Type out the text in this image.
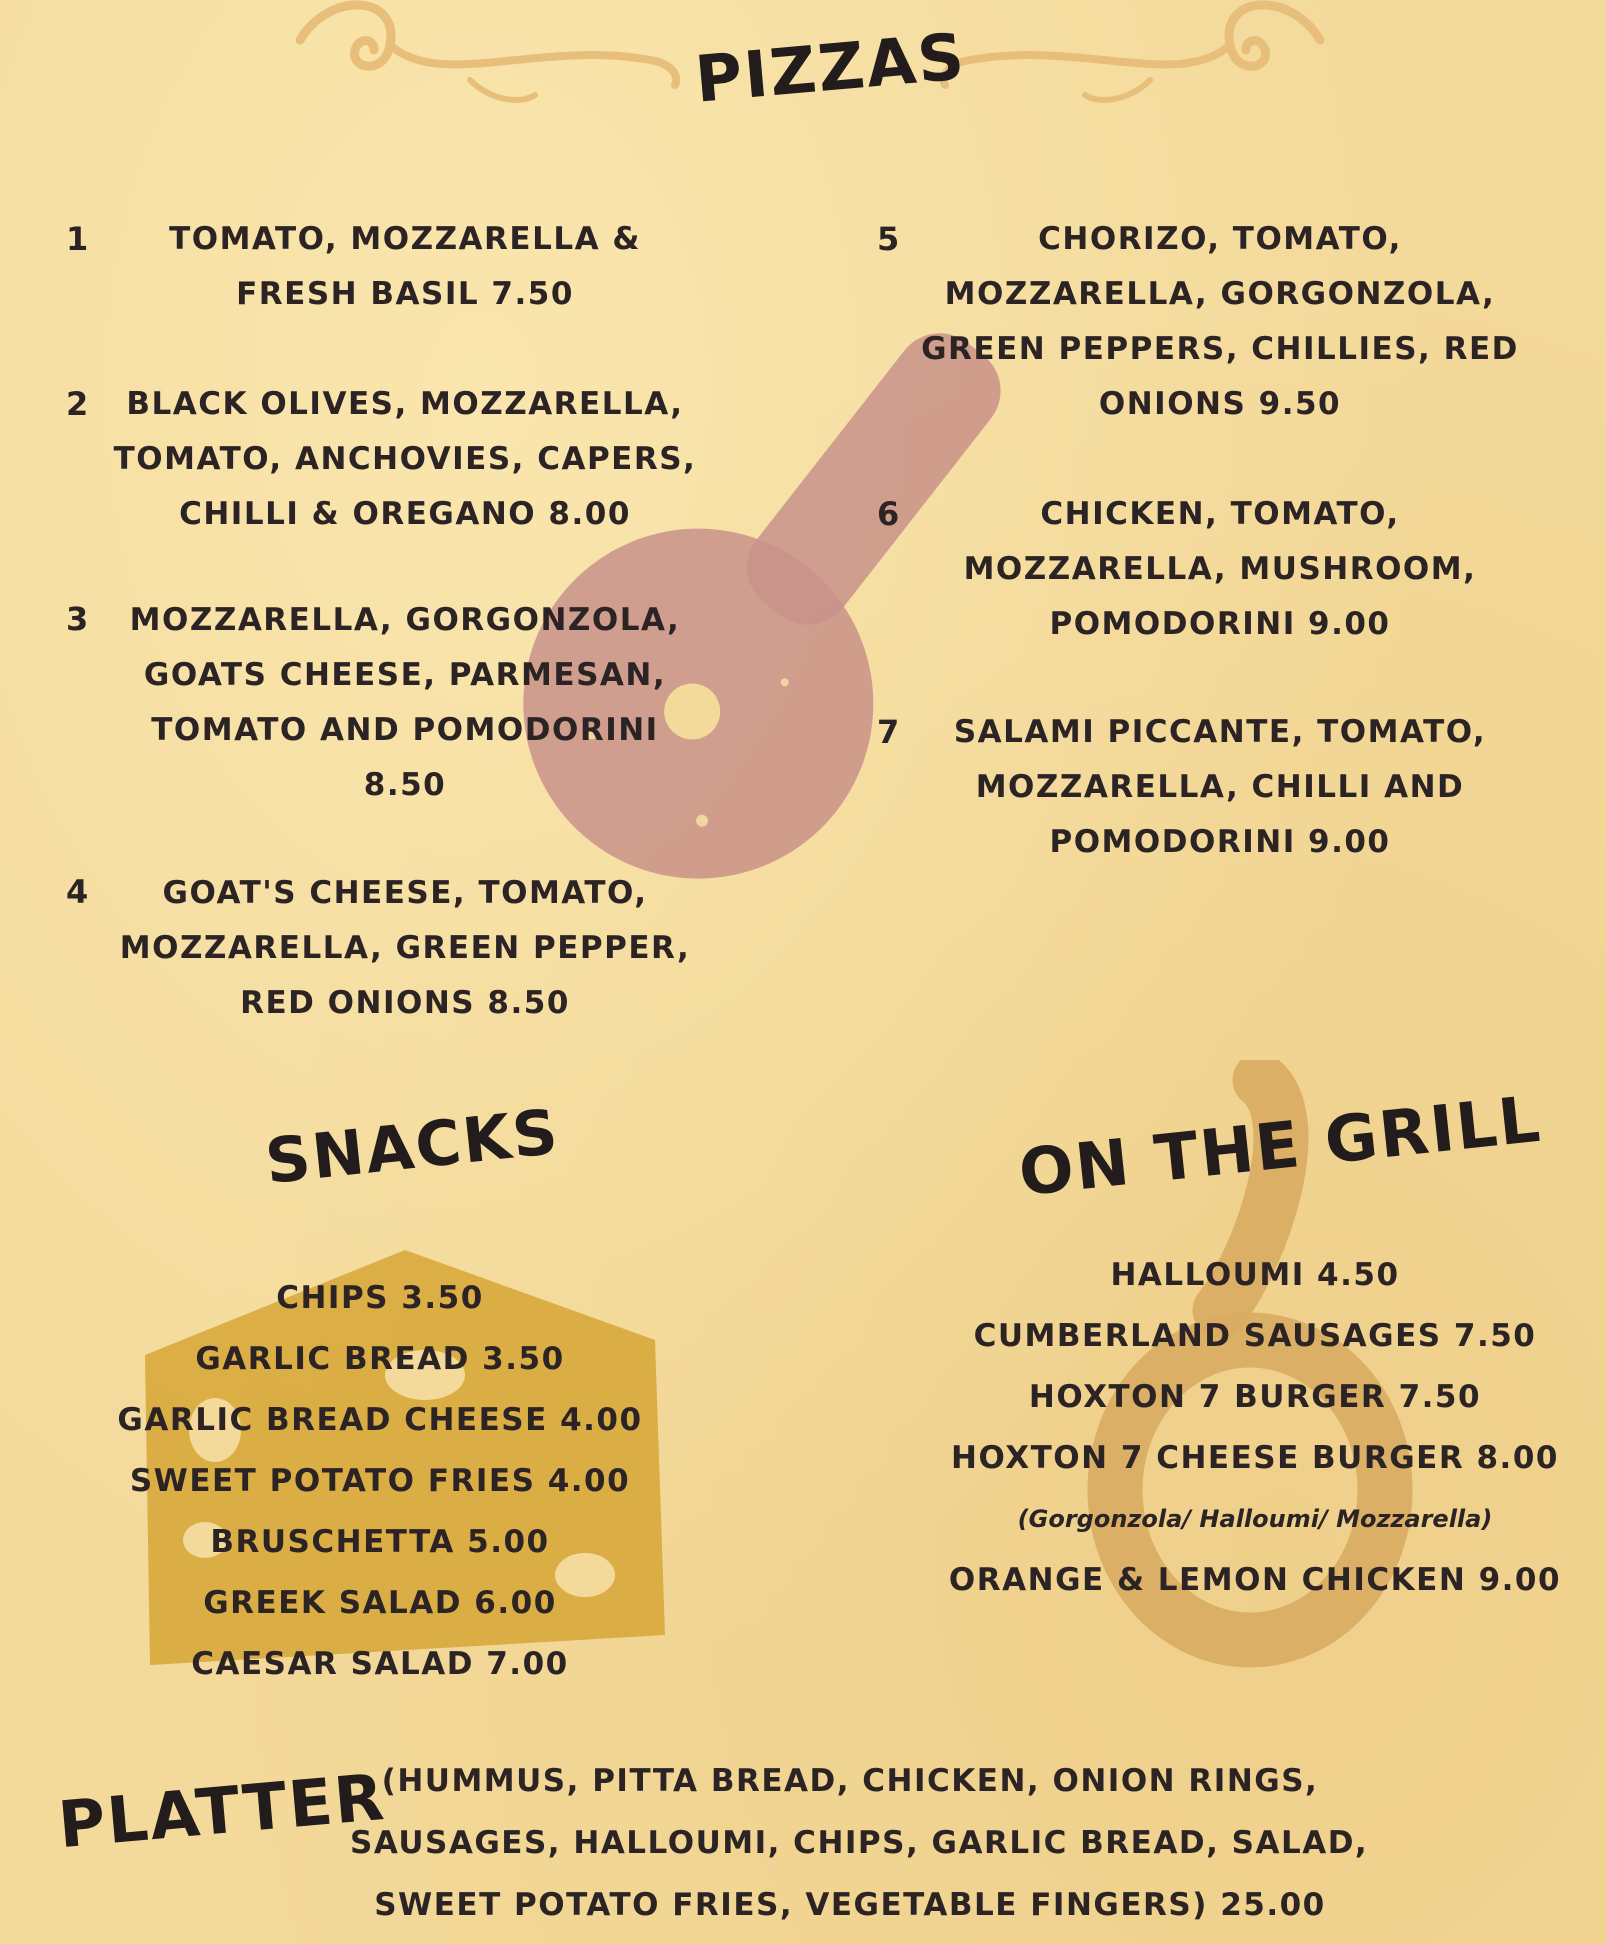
PIZZAS
1
2
3
4
5
6
7
TOMATO, MOZZARELLA &
FRESH BASIL 7.50
BLACK OLIVES, MOZZARELLA,
TOMATO, ANCHOVIES, CAPERS,
CHILLI & OREGANO 8.00
MOZZARELLA, GORGONZOLA,
GOATS CHEESE, PARMESAN,
TOMATO AND POMODORINI
8.50
GOAT'S CHEESE, TOMATO,
MOZZARELLA, GREEN PEPPER,
RED ONIONS 8.50
CHORIZO, TOMATO,
MOZZARELLA, GORGONZOLA,
GREEN PEPPERS, CHILLIES, RED
ONIONS 9.50
CHICKEN, TOMATO,
MOZZARELLA, MUSHROOM,
POMODORINI 9.00
SALAMI PICCANTE, TOMATO,
MOZZARELLA, CHILLI AND
POMODORINI 9.00
SNACKS
CHIPS 3.50
GARLIC BREAD 3.50
GARLIC BREAD CHEESE 4.00
SWEET POTATO FRIES 4.00
BRUSCHETTA 5.00
GREEK SALAD 6.00
CAESAR SALAD 7.00
ON THE GRILL
HALLOUMI 4.50
CUMBERLAND SAUSAGES 7.50
HOXTON 7 BURGER 7.50
HOXTON 7 CHEESE BURGER 8.00
(Gorgonzola/ Halloumi/ Mozzarella)
ORANGE & LEMON CHICKEN 9.00
PLATTER
(HUMMUS, PITTA BREAD, CHICKEN, ONION RINGS,
SAUSAGES, HALLOUMI, CHIPS, GARLIC BREAD, SALAD,
SWEET POTATO FRIES, VEGETABLE FINGERS) 25.00
